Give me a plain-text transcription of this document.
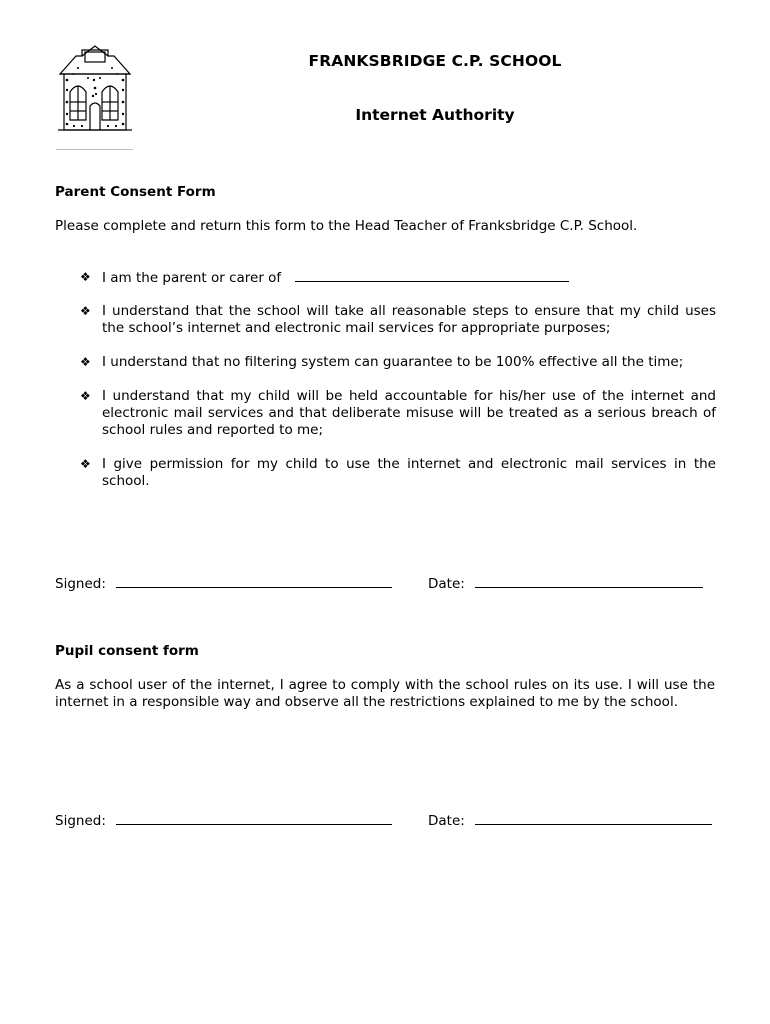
FRANKSBRIDGE C.P. SCHOOL
Internet Authority
Parent Consent Form
Please complete and return this form to the Head Teacher of Franksbridge C.P. School.
❖ I am the parent or carer of
❖ I understand that the school will take all reasonable steps to ensure that my child uses the school’s internet and electronic mail services for appropriate purposes;
❖ I understand that no filtering system can guarantee to be 100% effective all the time;
❖ I understand that my child will be held accountable for his/her use of the internet and electronic mail services and that deliberate misuse will be treated as a serious breach of school rules and reported to me;
❖ I give permission for my child to use the internet and electronic mail services in the school.
Signed:	Date:
Pupil consent form
As a school user of the internet, I agree to comply with the school rules on its use. I will use the internet in a responsible way and observe all the restrictions explained to me by the school.
Signed:	Date:
